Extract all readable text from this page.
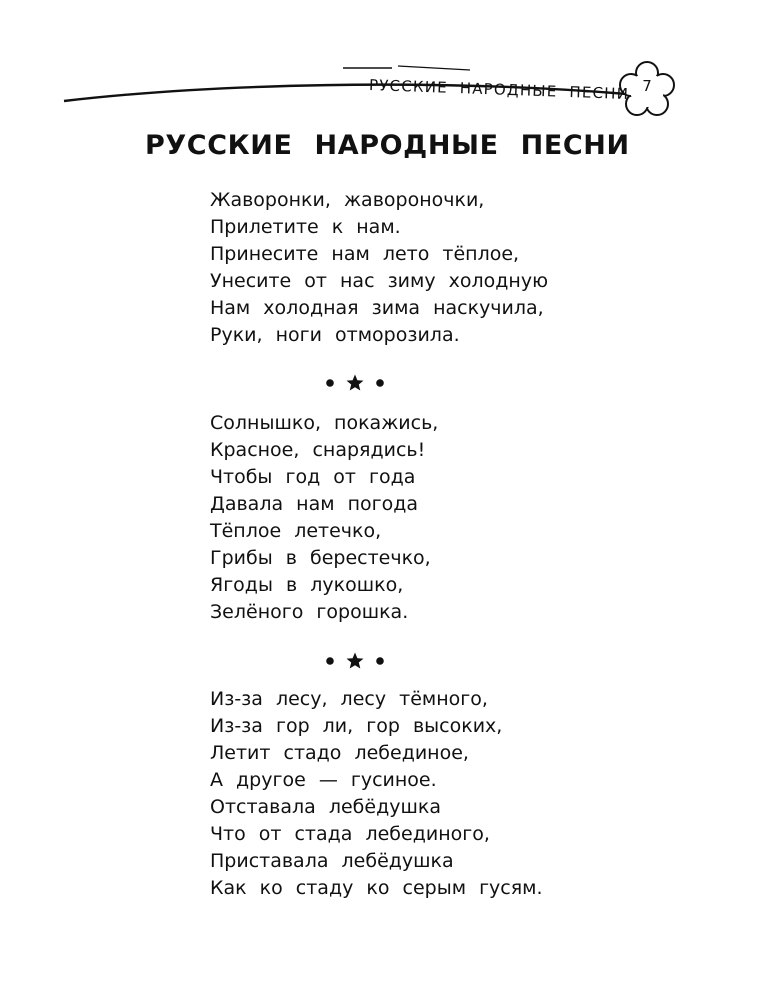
РУССКИЕ НАРОДНЫЕ ПЕСНИ 7
РУССКИЕ НАРОДНЫЕ ПЕСНИ
Жаворонки, жавороночки,
Прилетите к нам.
Принесите нам лето тёплое,
Унесите от нас зиму холодную
Нам холодная зима наскучила,
Руки, ноги отморозила.
Солнышко, покажись,
Красное, снарядись!
Чтобы год от года
Давала нам погода
Тёплое летечко,
Грибы в берестечко,
Ягоды в лукошко,
Зелёного горошка.
Из-за лесу, лесу тёмного,
Из-за гор ли, гор высоких,
Летит стадо лебединое,
А другое — гусиное.
Отставала лебёдушка
Что от стада лебединого,
Приставала лебёдушка
Как ко стаду ко серым гусям.
